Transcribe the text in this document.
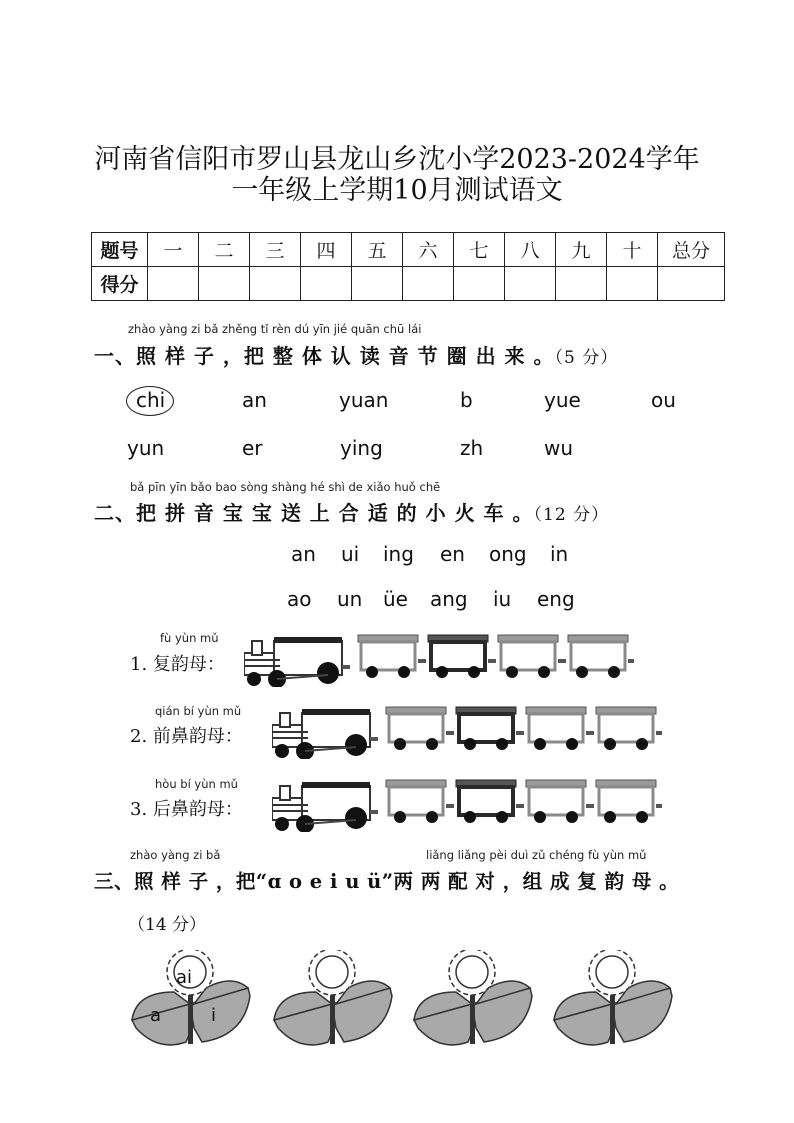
河南省信阳市罗山县龙山乡沈小学2023-2024学年
一年级上学期10月测试语文
题号	一	二	三	四	五	六	七	八	九	十	总分
得分											
zhào yàng zi bǎ zhěng tǐ rèn dú yīn jié quān chū lái
一、照 样 子 ，把 整 体 认 读 音 节 圈 出 来 。（5 分）
chi	an	yuan	b	yue	ou
yun	er	ying	zh	wu
bǎ pīn yīn bǎo bao sòng shàng hé shì de xiǎo huǒ chē
二、把 拼 音 宝 宝 送 上 合 适 的 小 火 车 。（12 分）
an ui ing en ong in
ao un üe ang iu eng
fù yùn mǔ
1. 复韵母：
qián bí yùn mǔ
2. 前鼻韵母：
hòu bí yùn mǔ
3. 后鼻韵母：
zhào yàng zi bǎ	liǎng liǎng pèi duì zǔ chéng fù yùn mǔ
三、照 样 子 ，把“ɑ o e i u ü”两 两 配 对 ，组 成 复 韵 母 。
（14 分）
ai
a	i
